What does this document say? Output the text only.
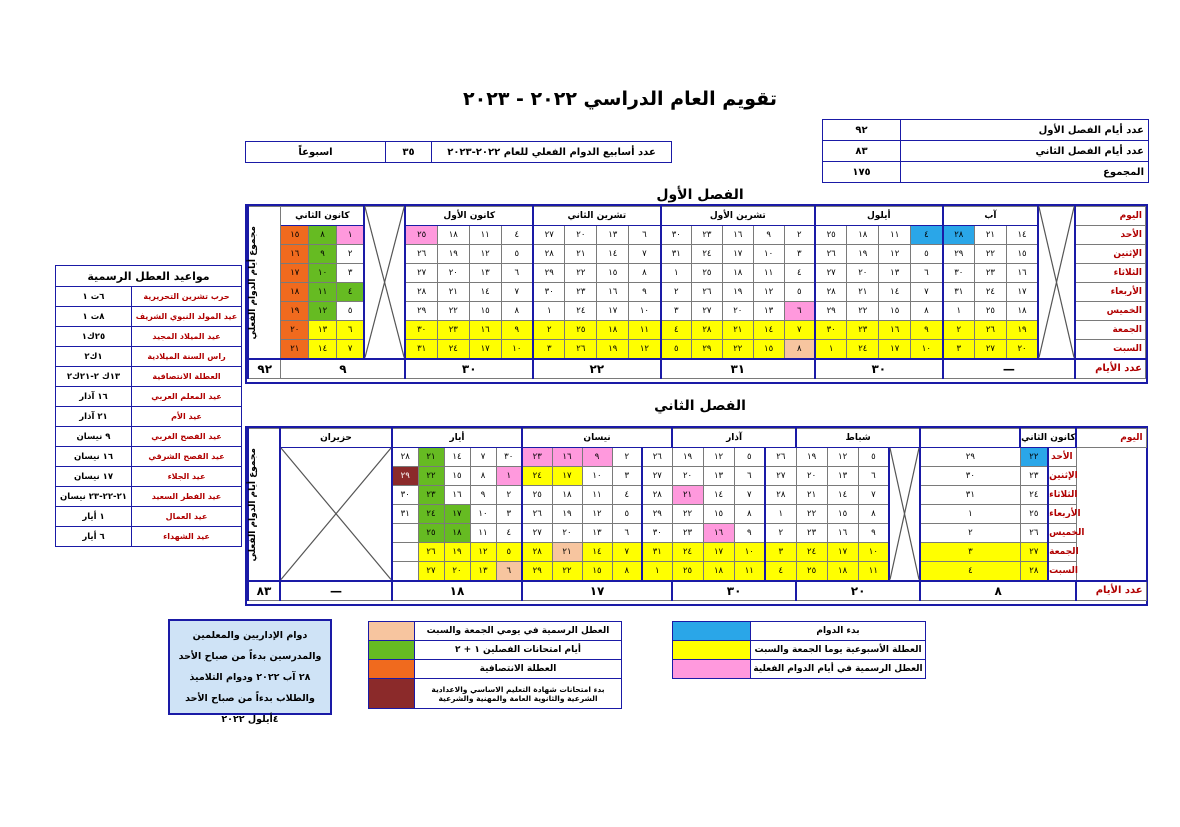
تقويم العام الدراسي ٢٠٢٢ - ٢٠٢٣
٩٢	عدد أيام الفصل الأول
٨٣	عدد أيام الفصل الثاني
١٧٥	المجموع
اسبوعاً	٣٥	عدد أسابيع الدوام الفعلي للعام ٢٠٢٢-٢٠٢٣
الفصل الأول
الفصل الثاني
مجموع أيام الدوام الفعلي	كانون الثاني				كانون الأول				تشرين الثاني				تشرين الأول					أيلول				آب				اليوم
	١٥	٨	١		٢٥	١٨	١١	٤	٢٧	٢٠	١٣	٦	٣٠	٢٣	١٦	٩	٢	٢٥	١٨	١١	٤	٢٨	٢١	١٤		الأحد
	١٦	٩	٢		٢٦	١٩	١٢	٥	٢٨	٢١	١٤	٧	٣١	٢٤	١٧	١٠	٣	٢٦	١٩	١٢	٥	٢٩	٢٢	١٥		الإثنين
	١٧	١٠	٣		٢٧	٢٠	١٣	٦	٢٩	٢٢	١٥	٨	١	٢٥	١٨	١١	٤	٢٧	٢٠	١٣	٦	٣٠	٢٣	١٦		الثلاثاء
	١٨	١١	٤		٢٨	٢١	١٤	٧	٣٠	٢٣	١٦	٩	٢	٢٦	١٩	١٢	٥	٢٨	٢١	١٤	٧	٣١	٢٤	١٧		الأربعاء
	١٩	١٢	٥		٢٩	٢٢	١٥	٨	١	٢٤	١٧	١٠	٣	٢٧	٢٠	١٣	٦	٢٩	٢٢	١٥	٨	١	٢٥	١٨		الخميس
	٢٠	١٣	٦		٣٠	٢٣	١٦	٩	٢	٢٥	١٨	١١	٤	٢٨	٢١	١٤	٧	٣٠	٢٣	١٦	٩	٢	٢٦	١٩		الجمعة
	٢١	١٤	٧		٣١	٢٤	١٧	١٠	٣	٢٦	١٩	١٢	٥	٢٩	٢٢	١٥	٨	١	٢٤	١٧	١٠	٣	٢٧	٢٠		السبت
٩٢	٩				٣٠				٢٢				٣١					٣٠				—				عدد الأيام
مجموع أيام الدوام الفعلي	حزيران	أيار					نيسان					آذار				شباط					كانون الثاني		اليوم

	٢٨	٢١	١٤	٧	٣٠	٢٣	١٦	٩	٢	٢٦	١٩	١٢	٥	٢٦	١٩	١٢	٥		٢٩	٢٢	الأحد	
		٢٩	٢٢	١٥	٨	١	٢٤	١٧	١٠	٣	٢٧	٢٠	١٣	٦	٢٧	٢٠	١٣	٦		٣٠	٢٣	الإثنين	
		٣٠	٢٣	١٦	٩	٢	٢٥	١٨	١١	٤	٢٨	٢١	١٤	٧	٢٨	٢١	١٤	٧		٣١	٢٤	الثلاثاء	
		٣١	٢٤	١٧	١٠	٣	٢٦	١٩	١٢	٥	٢٩	٢٢	١٥	٨	١	٢٢	١٥	٨		١	٢٥	الأربعاء	
			٢٥	١٨	١١	٤	٢٧	٢٠	١٣	٦	٣٠	٢٣	١٦	٩	٢	٢٣	١٦	٩		٢	٢٦	الخميس	
			٢٦	١٩	١٢	٥	٢٨	٢١	١٤	٧	٣١	٢٤	١٧	١٠	٣	٢٤	١٧	١٠		٣	٢٧	الجمعة	
			٢٧	٢٠	١٣	٦	٢٩	٢٢	١٥	٨	١	٢٥	١٨	١١	٤	٢٥	١٨	١١		٤	٢٨	السبت	
٨٣	—	١٨					١٧					٣٠				٢٠				٨			عدد الأيام
مواعيد العطل الرسمية	
٦ت ١	حرب تشرين التحريرية
٨ت ١	عيد المولد النبوي الشريف
٢٥ك١	عيد الميلاد المجيد
١ك٢	راس السنة الميلادية
١٣ك ٢-٢١ك٢	العطلة الانتصافية
١٦ آذار	عيد المعلم العربي
٢١ آذار	عيد الأم
٩ نيسان	عيد الفصح الغربي
١٦ نيسان	عيد الفصح الشرقي
١٧ نيسان	عيد الجلاء
٢١-٢٢-٢٣ نيسان	عيد الفطر السعيد
١ أيار	عيد العمال
٦ أيار	عيد الشهداء
دوام الإداريين والمعلمين والمدرسين بدءاً من صباح الأحد ٢٨ آب ٢٠٢٢ ودوام التلاميذ والطلاب بدءاً من صباح الأحد ٤أيلول ٢٠٢٢
	العطل الرسمية في يومي الجمعة والسبت
	أيام امتحانات الفصلين ١ + ٢
	العطلة الانتصافية
	بدء امتحانات شهادة التعليم الاساسي والاعدادية الشرعية والثانوية العامة والمهنية والشرعية
	بدء الدوام
	العطلة الأسبوعية يوما الجمعة والسبت
	العطل الرسمية في أيام الدوام الفعلية
